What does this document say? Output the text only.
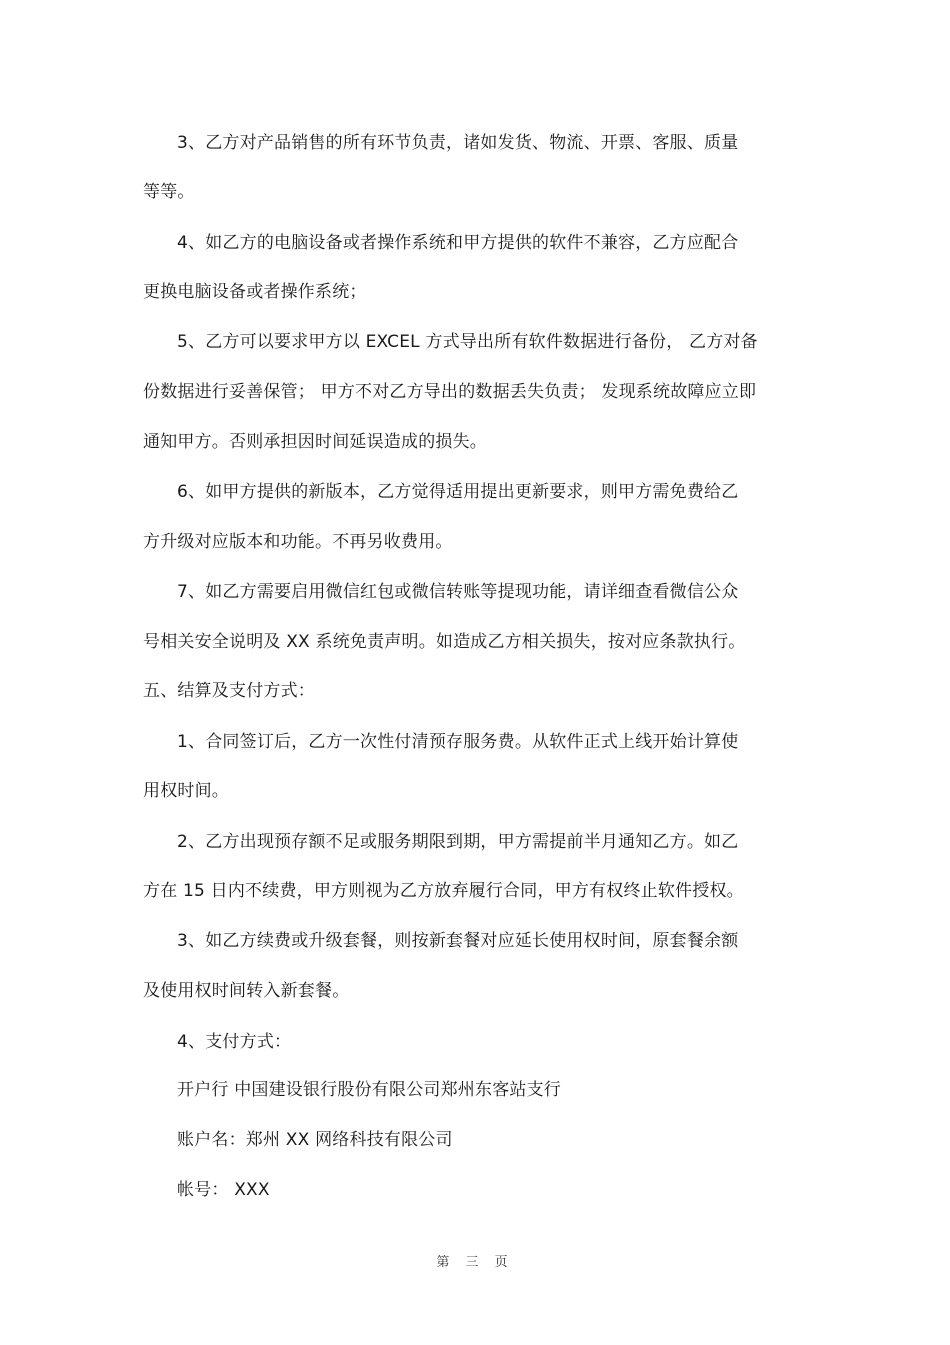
3、乙方对产品销售的所有环节负责，诸如发货、物流、开票、客服、质量
等等。
4、如乙方的电脑设备或者操作系统和甲方提供的软件不兼容，乙方应配合
更换电脑设备或者操作系统；
5、乙方可以要求甲方以 EXCEL 方式导出所有软件数据进行备份， 乙方对备
份数据进行妥善保管； 甲方不对乙方导出的数据丢失负责； 发现系统故障应立即
通知甲方。否则承担因时间延误造成的损失。
6、如甲方提供的新版本，乙方觉得适用提出更新要求，则甲方需免费给乙
方升级对应版本和功能。不再另收费用。
7、如乙方需要启用微信红包或微信转账等提现功能，请详细查看微信公众
号相关安全说明及 XX 系统免责声明。如造成乙方相关损失，按对应条款执行。
五、结算及支付方式：
1、合同签订后，乙方一次性付清预存服务费。从软件正式上线开始计算使
用权时间。
2、乙方出现预存额不足或服务期限到期，甲方需提前半月通知乙方。如乙
方在 15 日内不续费，甲方则视为乙方放弃履行合同，甲方有权终止软件授权。
3、如乙方续费或升级套餐，则按新套餐对应延长使用权时间，原套餐余额
及使用权时间转入新套餐。
4、支付方式：
开户行 中国建设银行股份有限公司郑州东客站支行
账户名：郑州 XX 网络科技有限公司
帐号： XXX
第 三 页
